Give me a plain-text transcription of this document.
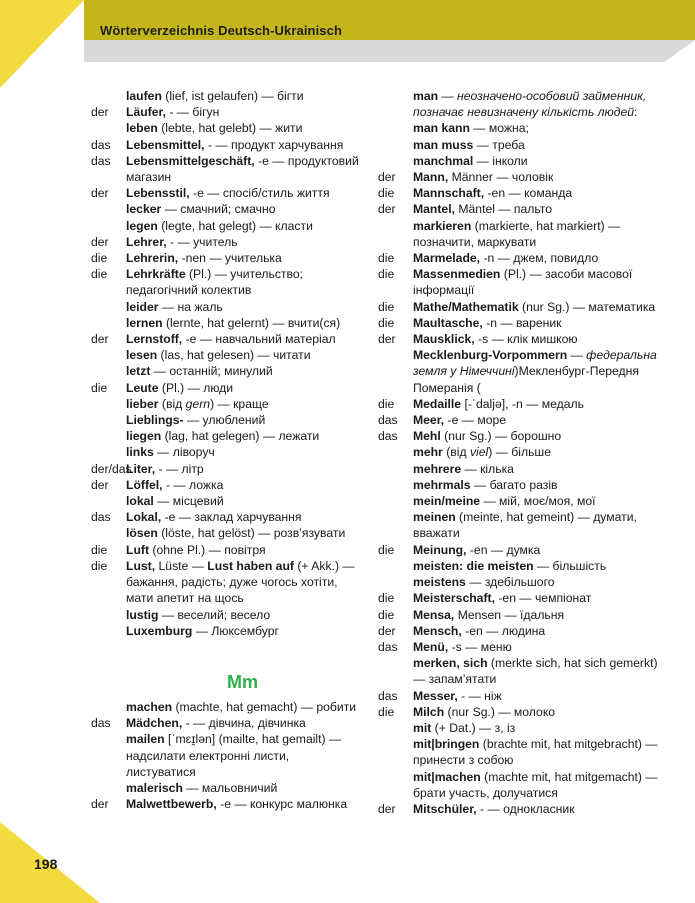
Wörterverzeichnis Deutsch-Ukrainisch
laufen (lief, ist gelaufen) — бігти
der Läufer, - — бігун
leben (lebte, hat gelebt) — жити
das Lebensmittel, - — продукт харчування
das Lebensmittelgeschäft, -e — продуктовий магазин
der Lebensstil, -e — спосіб/стиль життя
lecker — смачний; смачно
legen (legte, hat gelegt) — класти
der Lehrer, - — учитель
die Lehrerin, -nen — учителька
die Lehrkräfte (Pl.) — учительство; педагогічний колектив
leider — на жаль
lernen (lernte, hat gelernt) — вчити(ся)
der Lernstoff, -e — навчальний матеріал
lesen (las, hat gelesen) — читати
letzt — останній; минулий
die Leute (Pl.) — люди
lieber (від gern) — краще
Lieblings- — улюблений
liegen (lag, hat gelegen) — лежати
links — ліворуч
der/das
Liter, - — літр
der Löffel, - — ложка
lokal — місцевий
das Lokal, -e — заклад харчування
lösen (löste, hat gelöst) — розв’язувати
die Luft (ohne Pl.) — повітря
die Lust, Lüste — Lust haben auf (+ Akk.) — бажання, радість; дуже чогось хотіти, мати апетит на щось
lustig — веселий; весело
Luxemburg — Люксембург
Mm
machen (machte, hat gemacht) — робити
das Mädchen, - — дівчина, дівчинка
mailen [ˈmɛɪ̯lən] (mailte, hat gemailt) — надсилати електронні листи, листуватися
malerisch — мальовничий
der Malwettbewerb, -e — конкурс малюнка
man — неозначено-особовий займенник, позначає невизначену кількість людей: man kann — можна;
man muss — треба
manchmal — інколи
der Mann, Männer — чоловік
die Mannschaft, -en — команда
der Mantel, Mäntel — пальто
markieren (markierte, hat markiert) — позначити, маркувати
die Marmelade, -n — джем, повидло
die Massenmedien (Pl.) — засоби масової інформації
die Mathe/Mathematik (nur Sg.) — математика
die Maultasche, -n — вареник
der Mausklick, -s — клік мишкою
Mecklenburg-Vorpommern — федеральна земля у Німеччині)Мекленбург-Передня Померанія (
die Medaille [-ˈdaljə], -n — медаль
das Meer, -e — море
das Mehl (nur Sg.) — борошно
mehr (від viel) — більше
mehrere — кілька
mehrmals — багато разів
mein/meine — мій, моє/моя, мої
meinen (meinte, hat gemeint) — думати, вважати
die Meinung, -en — думка
meisten: die meisten — більшість
meistens — здебільшого
die Meisterschaft, -en — чемпіонат
die Mensa, Mensen — їдальня
der Mensch, -en — людина
das Menü, -s — меню
merken, sich (merkte sich, hat sich gemerkt) — запам’ятати
das Messer, - — ніж
die Milch (nur Sg.) — молоко
mit (+ Dat.) — з, із
mit|bringen (brachte mit, hat mitgebracht) — принести з собою
mit|machen (machte mit, hat mitgemacht) — брати участь, долучатися
der Mitschüler, - — однокласник
198
